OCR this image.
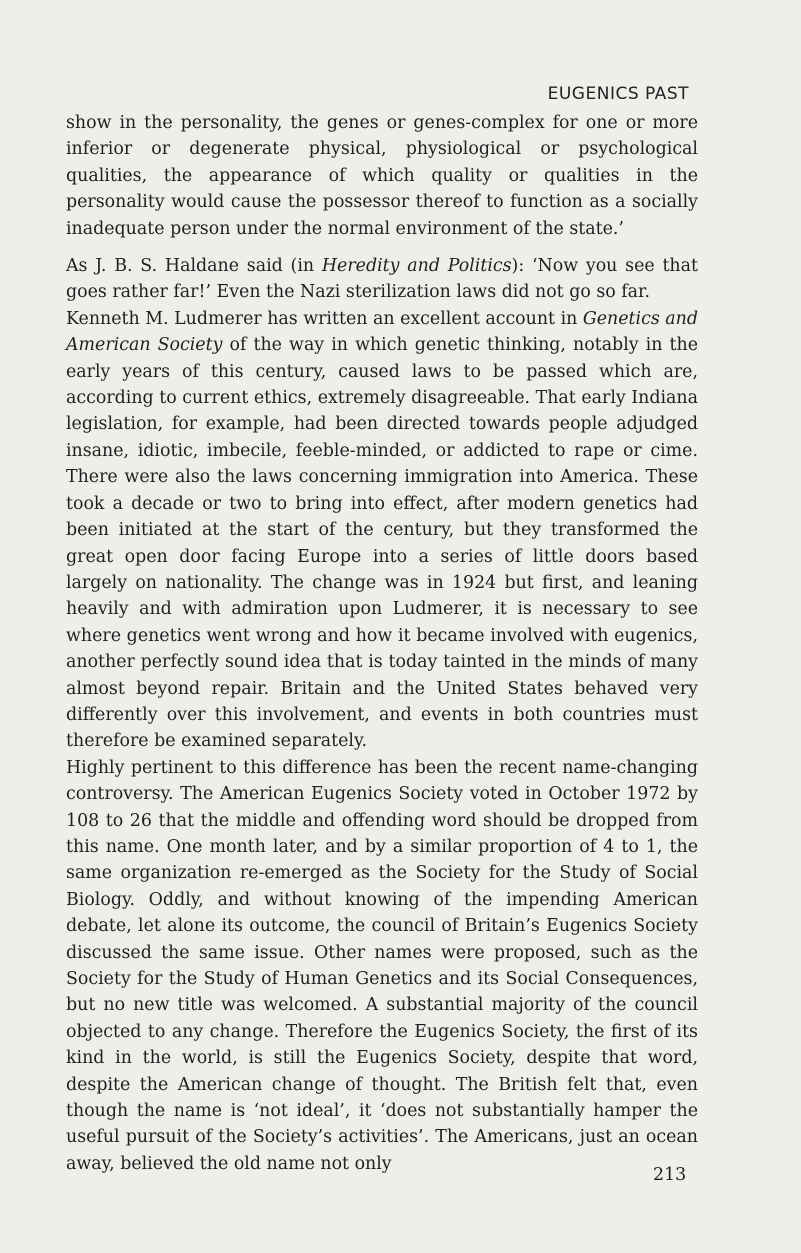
EUGENICS PAST

show in the personality, the genes or genes-complex for one or more inferior or degenerate physical, physiological or psychological qualities, the appearance of which quality or qualities in the personality would cause the possessor thereof to function as a socially inadequate person under the normal environment of the state.’

As J. B. S. Haldane said (in Heredity and Politics): ‘Now you see that goes rather far!’ Even the Nazi sterilization laws did not go so far.

Kenneth M. Ludmerer has written an excellent account in Genetics and American Society of the way in which genetic thinking, notably in the early years of this century, caused laws to be passed which are, according to current ethics, extremely disagreeable. That early Indiana legislation, for example, had been directed towards people adjudged insane, idiotic, imbecile, feeble-minded, or addicted to rape or cime. There were also the laws concerning immigration into America. These took a decade or two to bring into effect, after modern genetics had been initiated at the start of the century, but they transformed the great open door facing Europe into a series of little doors based largely on nationality. The change was in 1924 but first, and leaning heavily and with admiration upon Ludmerer, it is necessary to see where genetics went wrong and how it became involved with eugenics, another perfectly sound idea that is today tainted in the minds of many almost beyond repair. Britain and the United States behaved very differently over this involvement, and events in both countries must therefore be examined separately.

Highly pertinent to this difference has been the recent name-changing controversy. The American Eugenics Society voted in October 1972 by 108 to 26 that the middle and offending word should be dropped from this name. One month later, and by a similar proportion of 4 to 1, the same organization re-emerged as the Society for the Study of Social Biology. Oddly, and without knowing of the impending American debate, let alone its outcome, the council of Britain’s Eugenics Society discussed the same issue. Other names were proposed, such as the Society for the Study of Human Genetics and its Social Consequences, but no new title was welcomed. A substantial majority of the council objected to any change. Therefore the Eugenics Society, the first of its kind in the world, is still the Eugenics Society, despite that word, despite the American change of thought. The British felt that, even though the name is ‘not ideal’, it ‘does not substantially hamper the useful pursuit of the Society’s activities’. The Americans, just an ocean away, believed the old name not only

213
